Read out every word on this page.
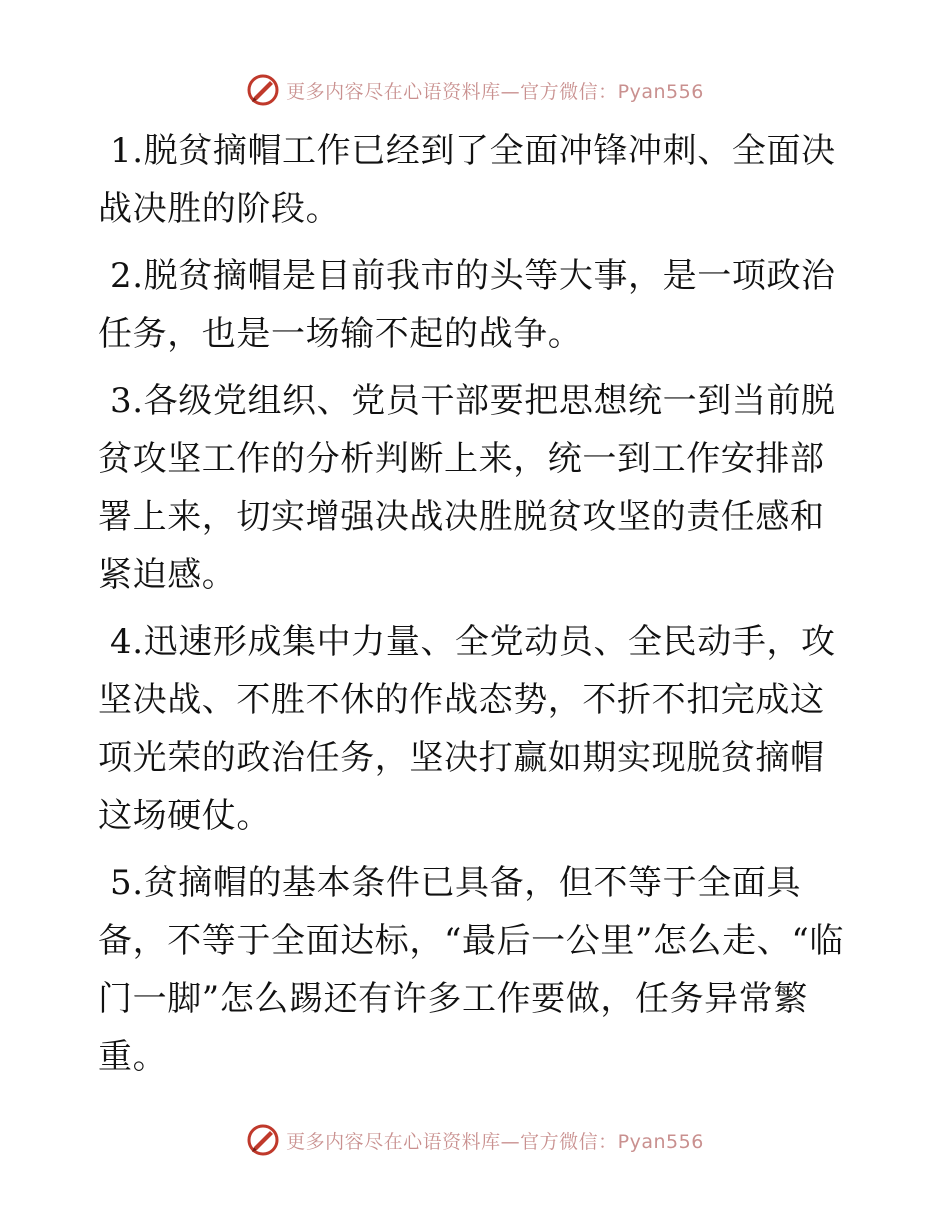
更多内容尽在心语资料库—官方微信：Pyan556

1.脱贫摘帽工作已经到了全面冲锋冲刺、全面决战决胜的阶段。

2.脱贫摘帽是目前我市的头等大事，是一项政治任务，也是一场输不起的战争。

3.各级党组织、党员干部要把思想统一到当前脱贫攻坚工作的分析判断上来，统一到工作安排部署上来，切实增强决战决胜脱贫攻坚的责任感和紧迫感。

4.迅速形成集中力量、全党动员、全民动手，攻坚决战、不胜不休的作战态势，不折不扣完成这项光荣的政治任务，坚决打赢如期实现脱贫摘帽这场硬仗。

5.贫摘帽的基本条件已具备，但不等于全面具备，不等于全面达标，“最后一公里”怎么走、“临门一脚”怎么踢还有许多工作要做，任务异常繁重。

更多内容尽在心语资料库—官方微信：Pyan556
